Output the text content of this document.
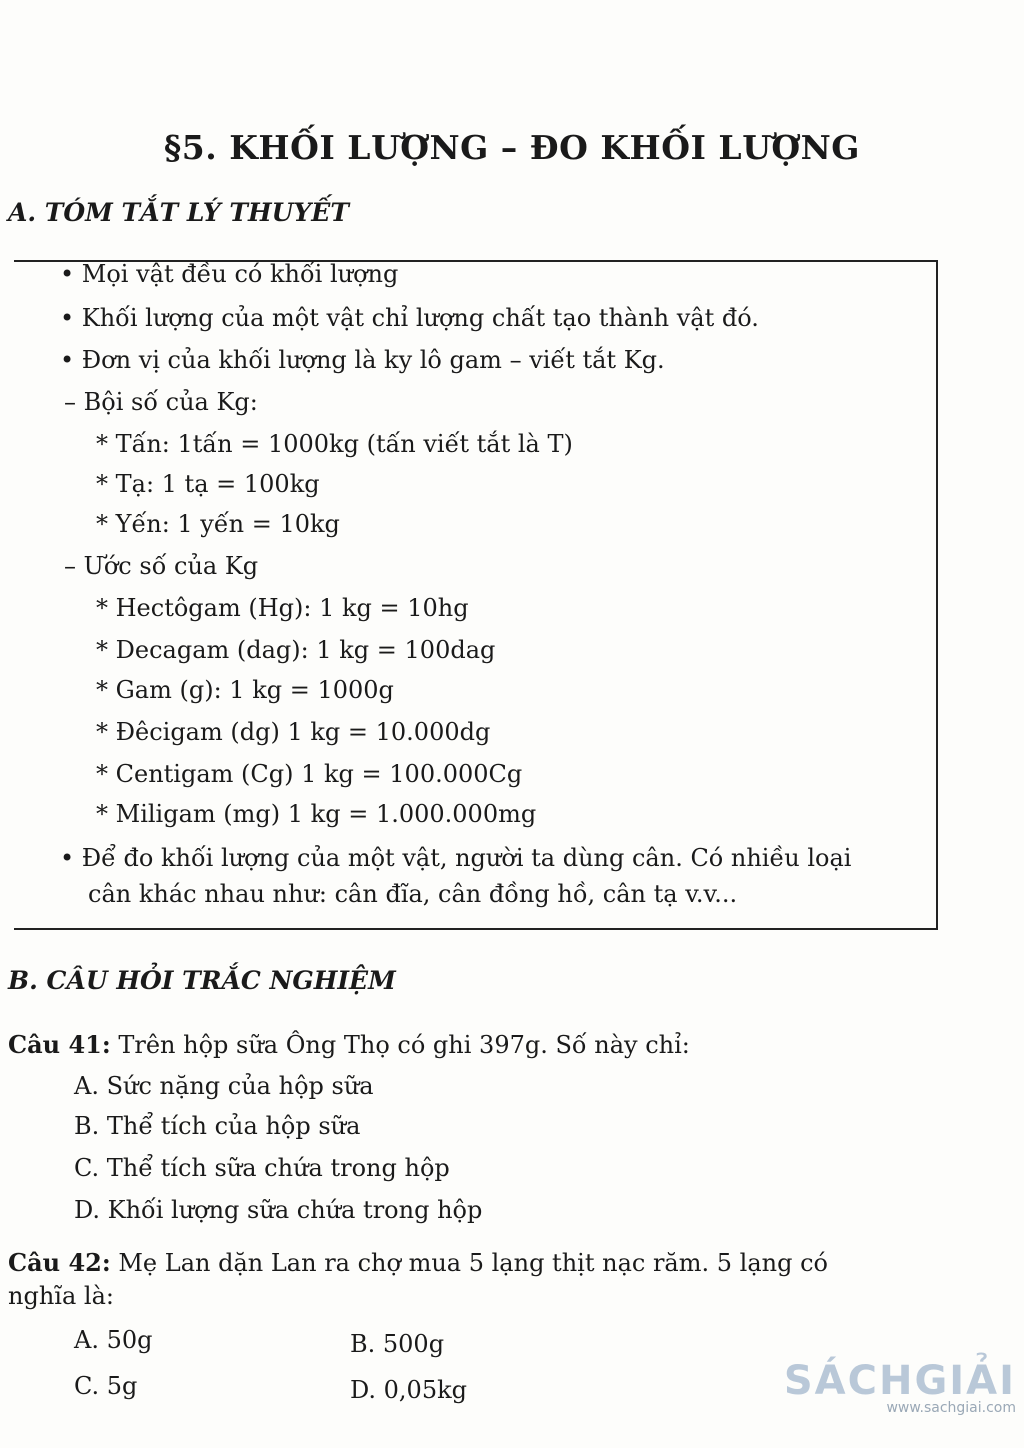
§5. KHỐI LƯỢNG – ĐO KHỐI LƯỢNG
A. TÓM TẮT LÝ THUYẾT
• Mọi vật đều có khối lượng
• Khối lượng của một vật chỉ lượng chất tạo thành vật đó.
• Đơn vị của khối lượng là ky lô gam – viết tắt Kg.
– Bội số của Kg:
* Tấn: 1tấn = 1000kg (tấn viết tắt là T)
* Tạ: 1 tạ = 100kg
* Yến: 1 yến = 10kg
– Ước số của Kg
* Hectôgam (Hg): 1 kg = 10hg
* Decagam (dag): 1 kg = 100dag
* Gam (g): 1 kg = 1000g
* Đêcigam (dg) 1 kg = 10.000dg
* Centigam (Cg) 1 kg = 100.000Cg
* Miligam (mg) 1 kg = 1.000.000mg
• Để đo khối lượng của một vật, người ta dùng cân. Có nhiều loại
cân khác nhau như: cân đĩa, cân đồng hồ, cân tạ v.v...
B. CÂU HỎI TRẮC NGHIỆM
Câu 41: Trên hộp sữa Ông Thọ có ghi 397g. Số này chỉ:
A. Sức nặng của hộp sữa
B. Thể tích của hộp sữa
C. Thể tích sữa chứa trong hộp
D. Khối lượng sữa chứa trong hộp
Câu 42: Mẹ Lan dặn Lan ra chợ mua 5 lạng thịt nạc răm. 5 lạng có
nghĩa là:
A. 50g	B. 500g
C. 5g	D. 0,05kg	SÁCHGIẢI
www.sachgiai.com
